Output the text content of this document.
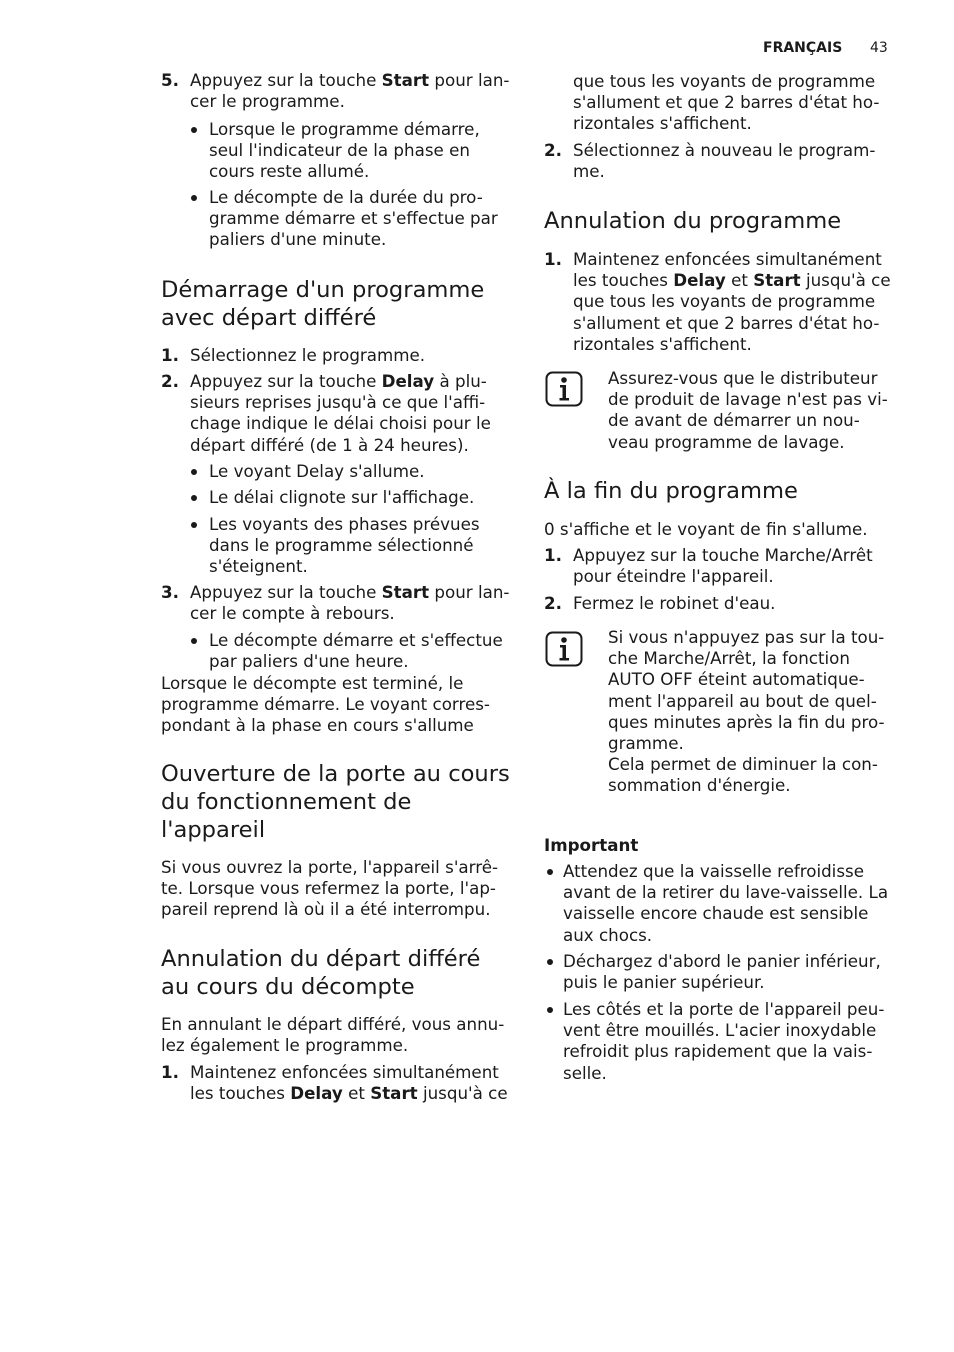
FRANÇAIS 43
5. Appuyez sur la touche Start pour lan-
cer le programme.
Lorsque le programme démarre,
seul l'indicateur de la phase en
cours reste allumé.
Le décompte de la durée du pro-
gramme démarre et s'effectue par
paliers d'une minute.
Démarrage d'un programme
avec départ différé
1. Sélectionnez le programme.
2. Appuyez sur la touche Delay à plu-
sieurs reprises jusqu'à ce que l'affi-
chage indique le délai choisi pour le
départ différé (de 1 à 24 heures).
Le voyant Delay s'allume.
Le délai clignote sur l'affichage.
Les voyants des phases prévues
dans le programme sélectionné
s'éteignent.
3. Appuyez sur la touche Start pour lan-
cer le compte à rebours.
Le décompte démarre et s'effectue
par paliers d'une heure.
Lorsque le décompte est terminé, le
programme démarre. Le voyant corres-
pondant à la phase en cours s'allume
Ouverture de la porte au cours
du fonctionnement de
l'appareil
Si vous ouvrez la porte, l'appareil s'arrê-
te. Lorsque vous refermez la porte, l'ap-
pareil reprend là où il a été interrompu.
Annulation du départ différé
au cours du décompte
En annulant le départ différé, vous annu-
lez également le programme.
1. Maintenez enfoncées simultanément
les touches Delay et Start jusqu'à ce
que tous les voyants de programme
s'allument et que 2 barres d'état ho-
rizontales s'affichent.
2. Sélectionnez à nouveau le program-
me.
Annulation du programme
1. Maintenez enfoncées simultanément
les touches Delay et Start jusqu'à ce
que tous les voyants de programme
s'allument et que 2 barres d'état ho-
rizontales s'affichent.
Assurez-vous que le distributeur
de produit de lavage n'est pas vi-
de avant de démarrer un nou-
veau programme de lavage.
À la fin du programme
0 s'affiche et le voyant de fin s'allume.
1. Appuyez sur la touche Marche/Arrêt
pour éteindre l'appareil.
2. Fermez le robinet d'eau.
Si vous n'appuyez pas sur la tou-
che Marche/Arrêt, la fonction
AUTO OFF éteint automatique-
ment l'appareil au bout de quel-
ques minutes après la fin du pro-
gramme.
Cela permet de diminuer la con-
sommation d'énergie.
Important
Attendez que la vaisselle refroidisse
avant de la retirer du lave-vaisselle. La
vaisselle encore chaude est sensible
aux chocs.
Déchargez d'abord le panier inférieur,
puis le panier supérieur.
Les côtés et la porte de l'appareil peu-
vent être mouillés. L'acier inoxydable
refroidit plus rapidement que la vais-
selle.
